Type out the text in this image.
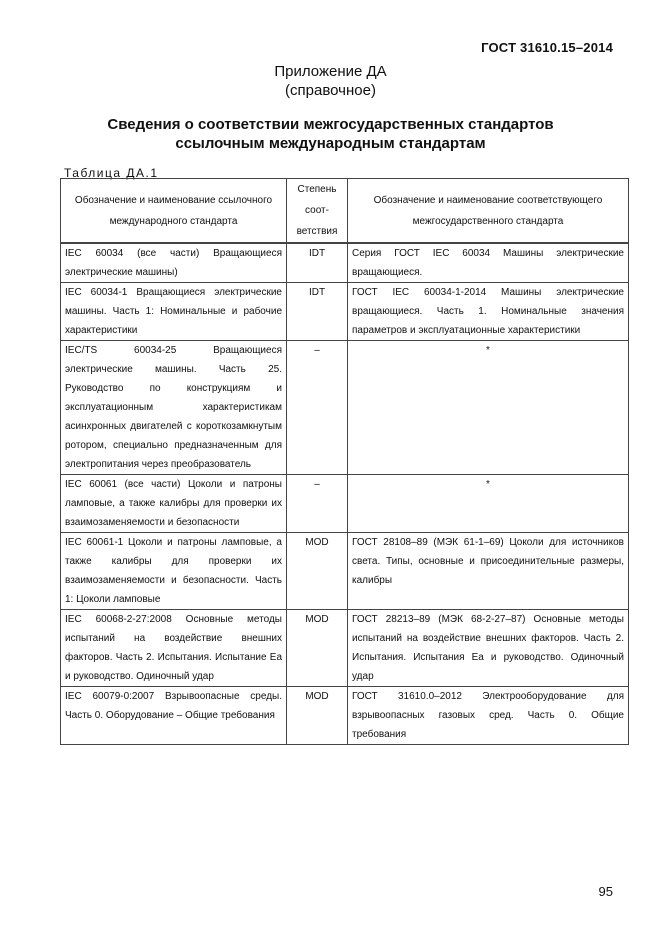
ГОСТ 31610.15–2014
Приложение ДА
(справочное)
Сведения о соответствии межгосударственных стандартов
ссылочным международным стандартам
Таблица ДА.1
Обозначение и наименование ссылочного международного стандарта	Степень соот-ветствия	Обозначение и наименование соответствующего межгосударственного стандарта
IEC 60034 (все части) Вращающиеся электрические машины)	IDT	Серия ГОСТ IEC 60034 Машины электрические вращающиеся.
IEC 60034-1 Вращающиеся электрические машины. Часть 1: Номинальные и рабочие характеристики	IDT	ГОСТ IEC 60034-1-2014 Машины электрические вращающиеся. Часть 1. Номинальные значения параметров и эксплуатационные характеристики
IEC/TS 60034-25 Вращающиеся электрические машины. Часть 25. Руководство по конструкциям и эксплуатационным характеристикам асинхронных двигателей с короткозамкнутым ротором, специально предназначенным для электропитания через преобразователь	–	*
IEC 60061 (все части) Цоколи и патроны ламповые, а также калибры для проверки их взаимозаменяемости и безопасности	–	*
IEC 60061-1 Цоколи и патроны ламповые, а также калибры для проверки их взаимозаменяемости и безопасности. Часть 1: Цоколи ламповые	MOD	ГОСТ 28108–89 (МЭК 61-1–69) Цоколи для источников света. Типы, основные и присоединительные размеры, калибры
IEC 60068-2-27:2008 Основные методы испытаний на воздействие внешних факторов. Часть 2. Испытания. Испытание Ea и руководство. Одиночный удар	MOD	ГОСТ 28213–89 (МЭК 68-2-27–87) Основные методы испытаний на воздействие внешних факторов. Часть 2. Испытания. Испытания Ea и руководство. Одиночный удар
IEC 60079-0:2007 Взрывоопасные среды. Часть 0. Оборудование – Общие требования	MOD	ГОСТ 31610.0–2012 Электрооборудование для взрывоопасных газовых сред. Часть 0. Общие требования
95
